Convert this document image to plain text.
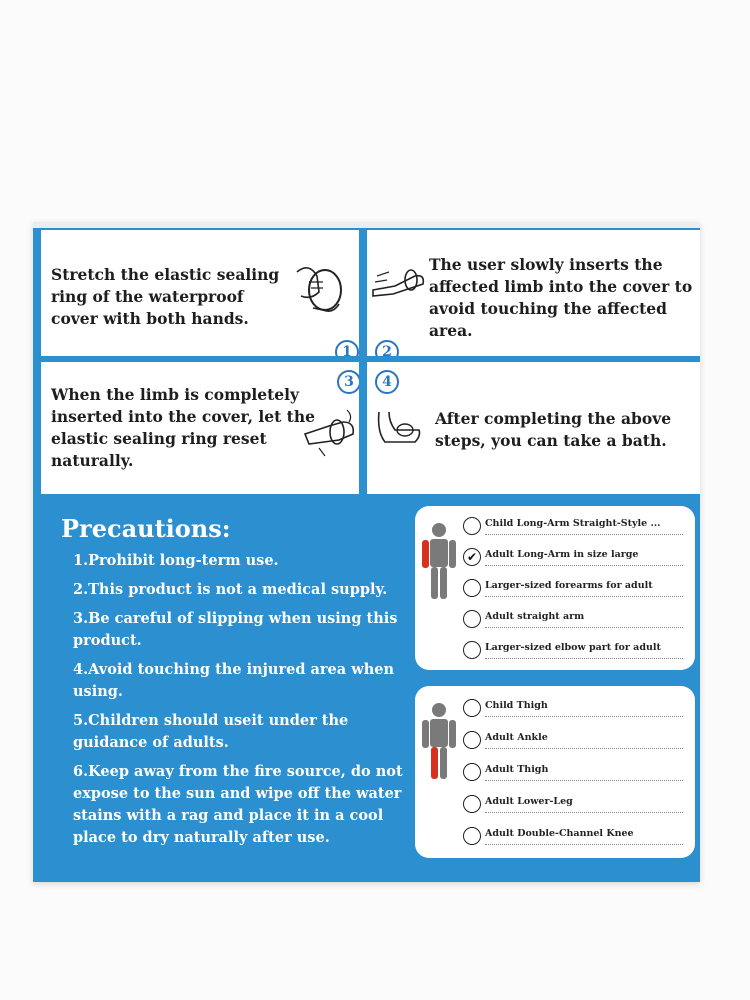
Stretch the elastic sealing ring of the waterproof cover with both hands.
1
The user slowly inserts the affected limb into the cover to avoid touching the affected area.
2
3
When the limb is completely inserted into the cover, let the elastic sealing ring reset naturally.
4
After completing the above steps, you can take a bath.
Precautions:
1.Prohibit long-term use.
2.This product is not a medical supply.
3.Be careful of slipping when using this product.
4.Avoid touching the injured area when using.
5.Children should useit under the guidance of adults.
6.Keep away from the fire source, do not expose to the sun and wipe off the water stains with a rag and place it in a cool place to dry naturally after use.
Child Long-Arm Straight-Style ...
✔ Adult Long-Arm in size large
Larger-sized forearms for adult
Adult straight arm
Larger-sized elbow part for adult
Child Thigh
Adult Ankle
Adult Thigh
Adult Lower-Leg
Adult Double-Channel Knee
